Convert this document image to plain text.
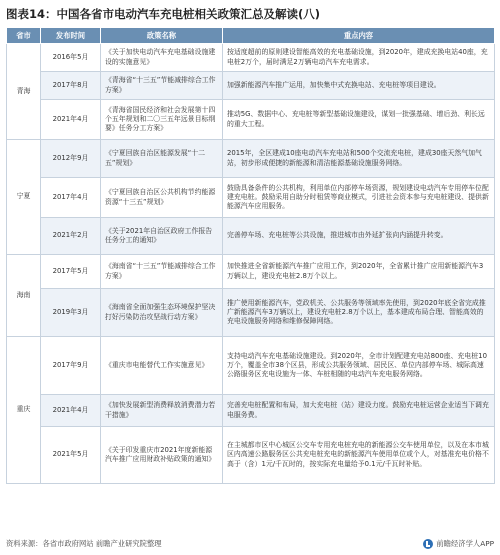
图表14：中国各省市电动汽车充电桩相关政策汇总及解读(八)
省市	发布时间	政策名称	重点内容
青海	2016年5月	《关于加快电动汽车充电基础设施建设的实施意见》	按适度超前的原则建设智能高效的充电基础设施，到2020年，建成充换电站40座，充电桩2万个，届时满足2万辆电动汽车充电需求。
	2017年8月	《青海省“十三五”节能减排综合工作方案》	加强新能源汽车推广运用，加快集中式充换电站、充电桩等项目建设。
	2021年4月	《青海省国民经济和社会发展第十四个五年规划和二〇三五年远景目标纲要》任务分工方案》	推动5G、数据中心、充电桩等新型基础设施建设，谋划一批强基础、增后劲、利长远的重大工程。
宁夏	2012年9月	《宁夏回族自治区能源发展“十二五”规划》	2015年，全区建成10座电动汽车充电站和500个交流充电桩，建成30座天然气加气站，初步形成便捷的新能源和清洁能源基础设施服务网络。
	2017年4月	《宁夏回族自治区公共机构节约能源资源“十三五”规划》	鼓励具备条件的公共机构，利用单位内部停车场资源，规划建设电动汽车专用停车位配建充电桩。鼓励采用自助分时租赁等商业模式，引进社会资本参与充电桩建设、提供新能源汽车应用服务。
	2021年2月	《关于2021年自治区政府工作报告任务分工的通知》	完善停车场、充电桩等公共设施，推进城市由外延扩张向内涵提升转变。
海南	2017年5月	《海南省“十三五”节能减排综合工作方案》	加快推进全省新能源汽车推广应用工作，到2020年，全省累计推广应用新能源汽车3万辆以上，建设充电桩2.8万个以上。
	2019年3月	《海南省全面加强生态环境保护坚决打好污染防治攻坚战行动方案》	推广使用新能源汽车，党政机关、公共服务等领域率先使用，到2020年底全省完成推广新能源汽车3万辆以上，建设充电桩2.8万个以上，基本建成布局合理、智能高效的充电设施服务网络和维修保障网络。
重庆	2017年9月	《重庆市电能替代工作实施意见》	支持电动汽车充电基础设施建设。到2020年，全市计划配建充电站800座、充电桩10万个，覆盖全市38个区县，形成公共服务领域、居民区、单位内部停车场、城际高速公路服务区充电设施为一体、车桩相随的电动汽车充电服务网络。
	2021年4月	《加快发展新型消费释放消费潜力若干措施》	完善充电桩配置和布局，加大充电桩（站）建设力度。鼓励充电桩运营企业适当下调充电服务费。
	2021年5月	《关于印发重庆市2021年度新能源汽车推广应用财政补贴政策的通知》	在主城都市区中心城区公交车专用充电桩充电的新能源公交车使用单位，以及在本市城区内高速公路服务区公共充电桩充电的新能源汽车使用单位或个人，对基准充电价格不高于（含）1元/千瓦时的，按实际充电量给予0.1元/千瓦时补贴。
资料来源：各省市政府网站 前瞻产业研究院整理	前瞻经济学人APP
